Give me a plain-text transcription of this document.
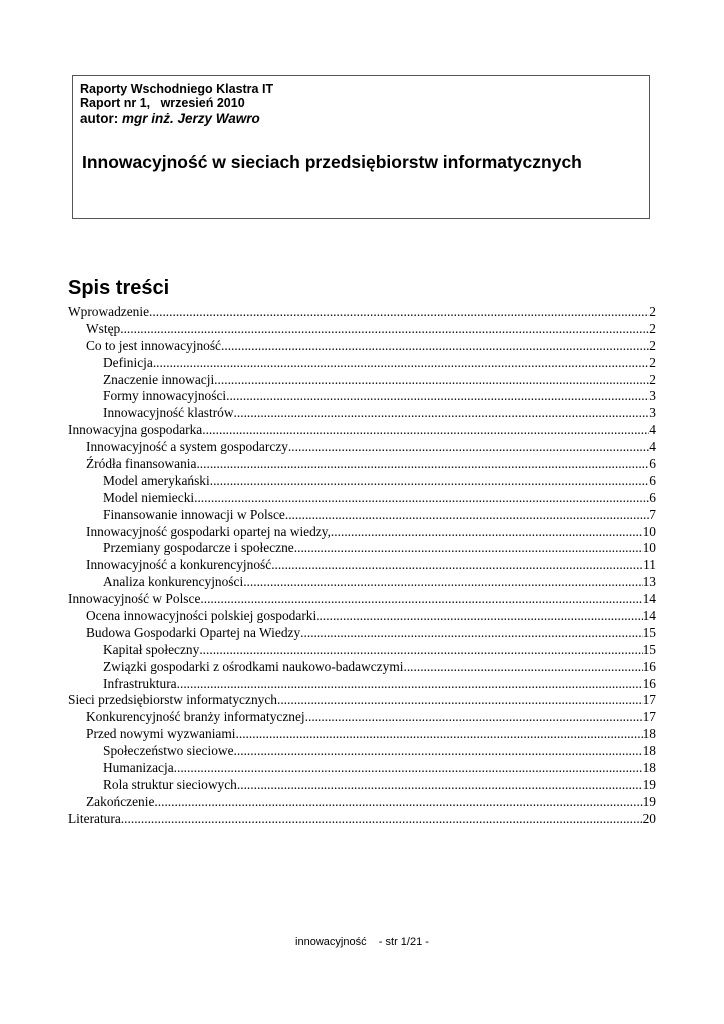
Raporty Wschodniego Klastra IT
Raport nr 1,   wrzesień 2010
autor: mgr inż. Jerzy Wawro
Innowacyjność w sieciach przedsiębiorstw informatycznych
Spis treści
Wprowadzenie .....	2
Wstęp .....	2
Co to jest innowacyjność .....	2
Definicja .....	2
Znaczenie innowacji .....	2
Formy innowacyjności .....	3
Innowacyjność klastrów .....	3
Innowacyjna gospodarka .....	4
Innowacyjność a system gospodarczy .....	4
Źródła finansowania .....	6
Model amerykański .....	6
Model niemiecki .....	6
Finansowanie innowacji w Polsce .....	7
Innowacyjność gospodarki opartej na wiedzy, .....	10
Przemiany gospodarcze i społeczne .....	10
Innowacyjność a konkurencyjność .....	11
Analiza konkurencyjności .....	13
Innowacyjność w Polsce .....	14
Ocena innowacyjności polskiej gospodarki .....	14
Budowa Gospodarki Opartej na Wiedzy .....	15
Kapitał społeczny .....	15
Związki gospodarki z ośrodkami naukowo-badawczymi .....	16
Infrastruktura .....	16
Sieci przedsiębiorstw informatycznych .....	17
Konkurencyjność branży informatycznej .....	17
Przed nowymi wyzwaniami .....	18
Społeczeństwo sieciowe .....	18
Humanizacja .....	18
Rola struktur sieciowych .....	19
Zakończenie .....	19
Literatura .....	20
innowacyjność    - str 1/21 -
